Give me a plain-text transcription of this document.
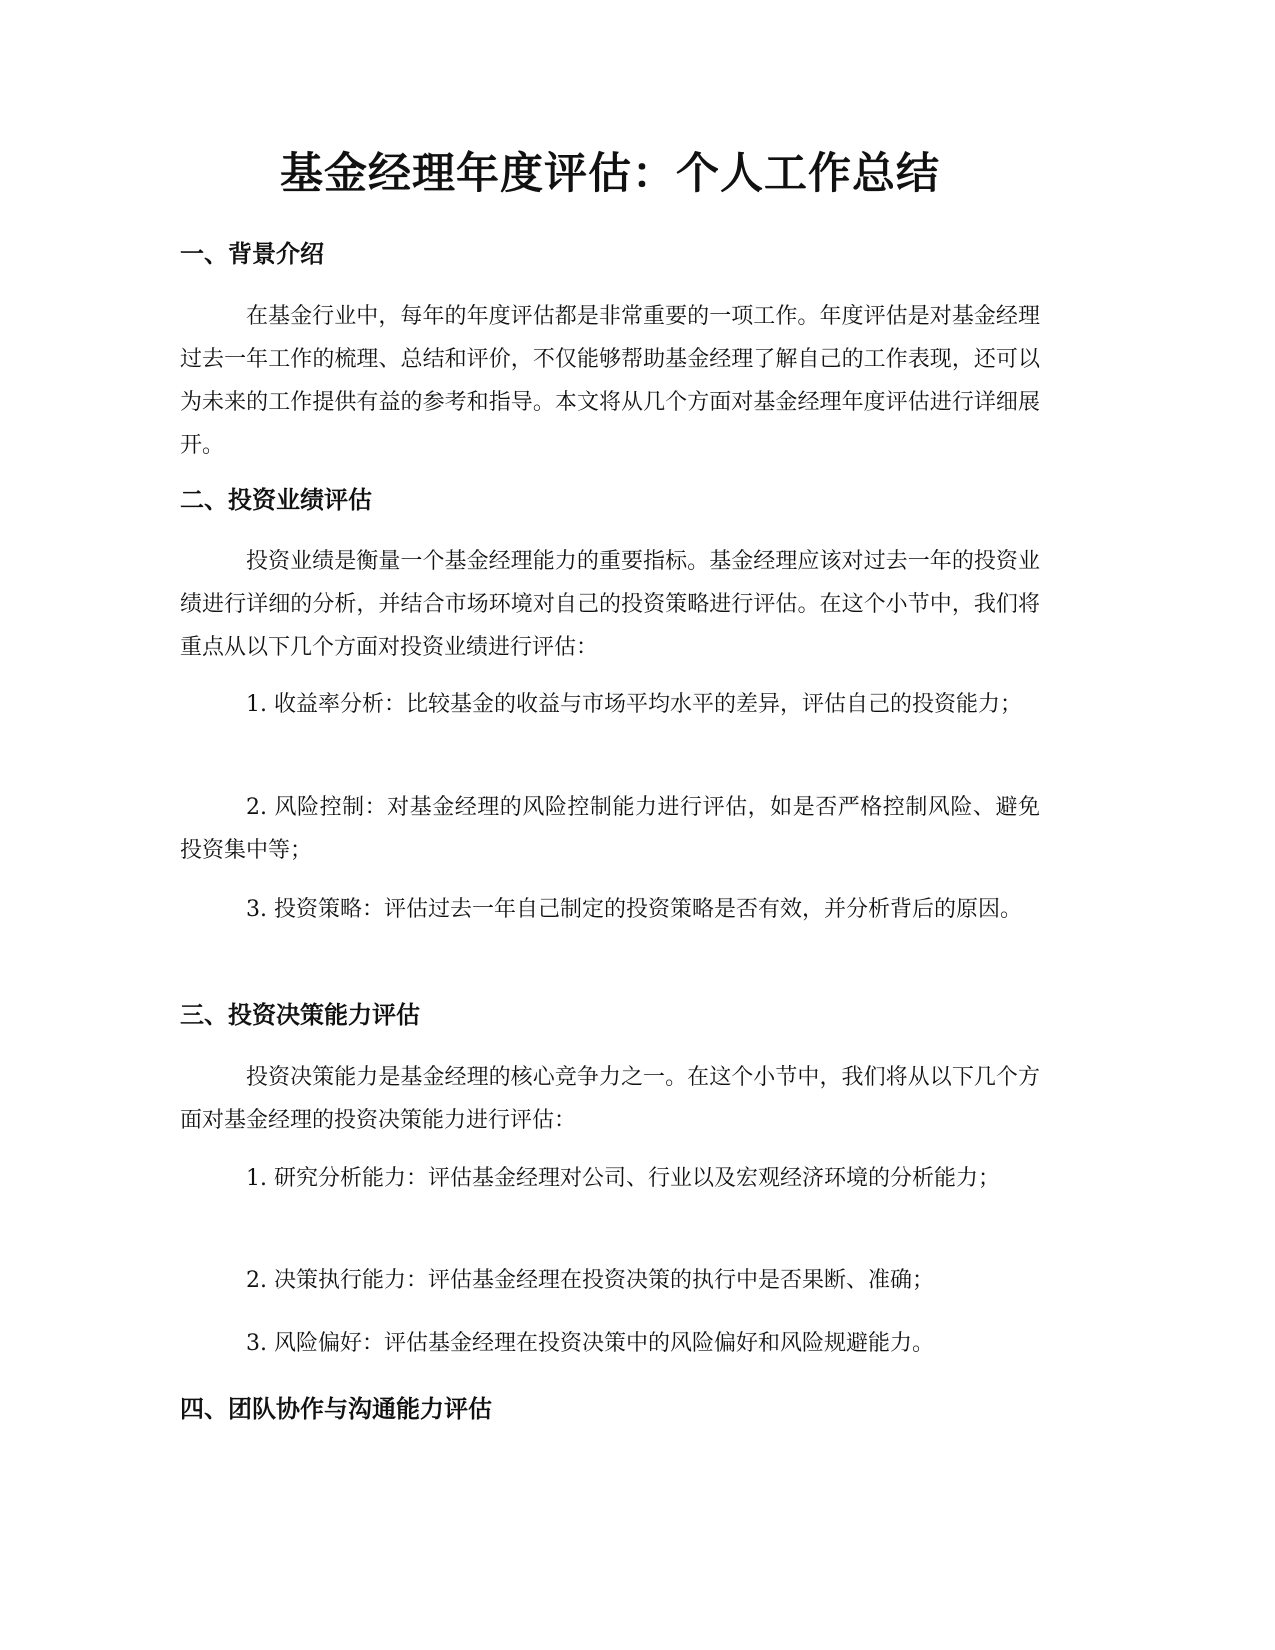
基金经理年度评估：个人工作总结
一、背景介绍

在基金行业中，每年的年度评估都是非常重要的一项工作。年度评估是对基金经理过去一年工作的梳理、总结和评价，不仅能够帮助基金经理了解自己的工作表现，还可以为未来的工作提供有益的参考和指导。本文将从几个方面对基金经理年度评估进行详细展开。

二、投资业绩评估

投资业绩是衡量一个基金经理能力的重要指标。基金经理应该对过去一年的投资业绩进行详细的分析，并结合市场环境对自己的投资策略进行评估。在这个小节中，我们将重点从以下几个方面对投资业绩进行评估：

1. 收益率分析：比较基金的收益与市场平均水平的差异，评估自己的投资能力；

2. 风险控制：对基金经理的风险控制能力进行评估，如是否严格控制风险、避免投资集中等；

3. 投资策略：评估过去一年自己制定的投资策略是否有效，并分析背后的原因。

三、投资决策能力评估

投资决策能力是基金经理的核心竞争力之一。在这个小节中，我们将从以下几个方面对基金经理的投资决策能力进行评估：

1. 研究分析能力：评估基金经理对公司、行业以及宏观经济环境的分析能力；

2. 决策执行能力：评估基金经理在投资决策的执行中是否果断、准确；

3. 风险偏好：评估基金经理在投资决策中的风险偏好和风险规避能力。

四、团队协作与沟通能力评估
